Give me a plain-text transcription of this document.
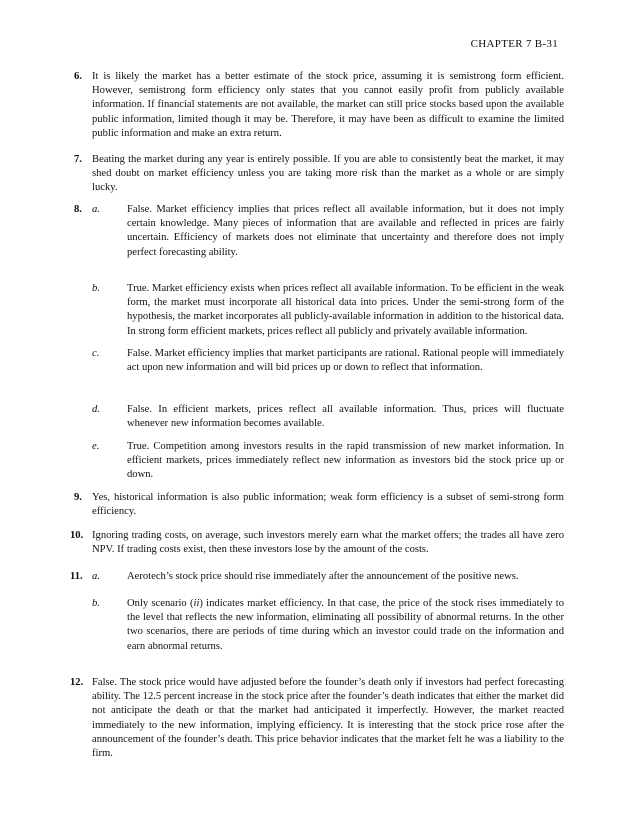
CHAPTER 7 B-31
6. It is likely the market has a better estimate of the stock price, assuming it is semistrong form efficient. However, semistrong form efficiency only states that you cannot easily profit from publicly available information. If financial statements are not available, the market can still price stocks based upon the available public information, limited though it may be. Therefore, it may have been as difficult to examine the limited public information and make an extra return.
7. Beating the market during any year is entirely possible. If you are able to consistently beat the market, it may shed doubt on market efficiency unless you are taking more risk than the market as a whole or are simply lucky.
8. a.	False. Market efficiency implies that prices reflect all available information, but it does not imply certain knowledge. Many pieces of information that are available and reflected in prices are fairly uncertain. Efficiency of markets does not eliminate that uncertainty and therefore does not imply perfect forecasting ability.
b.	True. Market efficiency exists when prices reflect all available information. To be efficient in the weak form, the market must incorporate all historical data into prices. Under the semi-strong form of the hypothesis, the market incorporates all publicly-available information in addition to the historical data. In strong form efficient markets, prices reflect all publicly and privately available information.
c.	False. Market efficiency implies that market participants are rational. Rational people will immediately act upon new information and will bid prices up or down to reflect that information.
d.	False. In efficient markets, prices reflect all available information. Thus, prices will fluctuate whenever new information becomes available.
e.	True. Competition among investors results in the rapid transmission of new market information. In efficient markets, prices immediately reflect new information as investors bid the stock price up or down.
9. Yes, historical information is also public information; weak form efficiency is a subset of semi-strong form efficiency.
10. Ignoring trading costs, on average, such investors merely earn what the market offers; the trades all have zero NPV. If trading costs exist, then these investors lose by the amount of the costs.
11. a.	Aerotech’s stock price should rise immediately after the announcement of the positive news.
b.	Only scenario (ii) indicates market efficiency. In that case, the price of the stock rises immediately to the level that reflects the new information, eliminating all possibility of abnormal returns. In the other two scenarios, there are periods of time during which an investor could trade on the information and earn abnormal returns.
12. False. The stock price would have adjusted before the founder’s death only if investors had perfect forecasting ability. The 12.5 percent increase in the stock price after the founder’s death indicates that either the market did not anticipate the death or that the market had anticipated it imperfectly. However, the market reacted immediately to the new information, implying efficiency. It is interesting that the stock price rose after the announcement of the founder’s death. This price behavior indicates that the market felt he was a liability to the firm.
